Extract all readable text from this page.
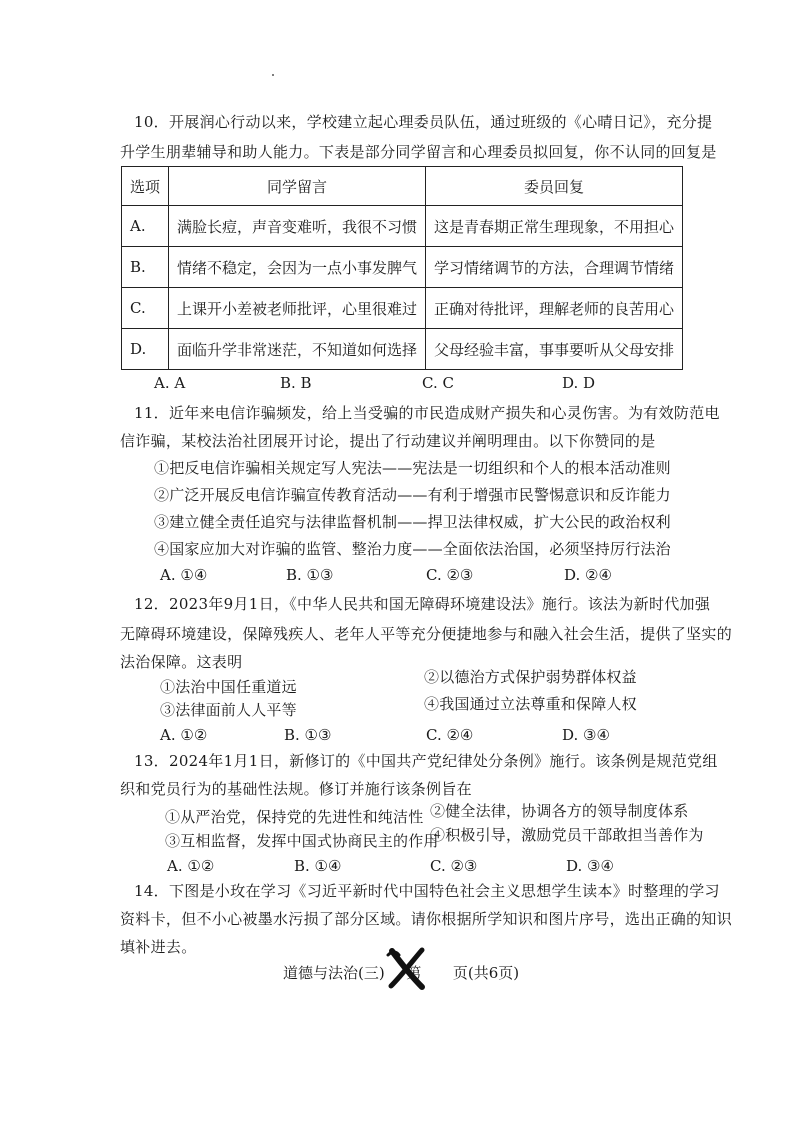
10．开展润心行动以来，学校建立起心理委员队伍，通过班级的《心晴日记》，充分提
升学生朋辈辅导和助人能力。下表是部分同学留言和心理委员拟回复，你不认同的回复是
选项	同学留言	委员回复
A.	满脸长痘，声音变难听，我很不习惯	这是青春期正常生理现象，不用担心
B.	情绪不稳定，会因为一点小事发脾气	学习情绪调节的方法，合理调节情绪
C.	上课开小差被老师批评，心里很难过	正确对待批评，理解老师的良苦用心
D.	面临升学非常迷茫，不知道如何选择	父母经验丰富，事事要听从父母安排
A. A	B. B	C. C	D. D
11．近年来电信诈骗频发，给上当受骗的市民造成财产损失和心灵伤害。为有效防范电
信诈骗，某校法治社团展开讨论，提出了行动建议并阐明理由。以下你赞同的是
①把反电信诈骗相关规定写人宪法——宪法是一切组织和个人的根本活动准则
②广泛开展反电信诈骗宣传教育活动——有利于增强市民警惕意识和反诈能力
③建立健全责任追究与法律监督机制——捍卫法律权威，扩大公民的政治权利
④国家应加大对诈骗的监管、整治力度——全面依法治国，必须坚持厉行法治
A. ①④	B. ①③	C. ②③	D. ②④
12．2023年9月1日，《中华人民共和国无障碍环境建设法》施行。该法为新时代加强
无障碍环境建设，保障残疾人、老年人平等充分便捷地参与和融入社会生活，提供了坚实的
法治保障。这表明
①法治中国任重道远
②以德治方式保护弱势群体权益
③法律面前人人平等	④我国通过立法尊重和保障人权
A. ①②	B. ①③	C. ②④	D. ③④
13．2024年1月1日，新修订的《中国共产党纪律处分条例》施行。该条例是规范党组
织和党员行为的基础性法规。修订并施行该条例旨在
①从严治党，保持党的先进性和纯洁性 ②健全法律，协调各方的领导制度体系
③互相监督，发挥中国式协商民主的作用
④积极引导，激励党员干部敢担当善作为
A. ①②	B. ①④	C. ②③	D. ③④
14．下图是小玫在学习《习近平新时代中国特色社会主义思想学生读本》时整理的学习
资料卡，但不小心被墨水污损了部分区域。请你根据所学知识和图片序号，选出正确的知识
填补进去。
道德与法治(三) 第 页(共6页)
